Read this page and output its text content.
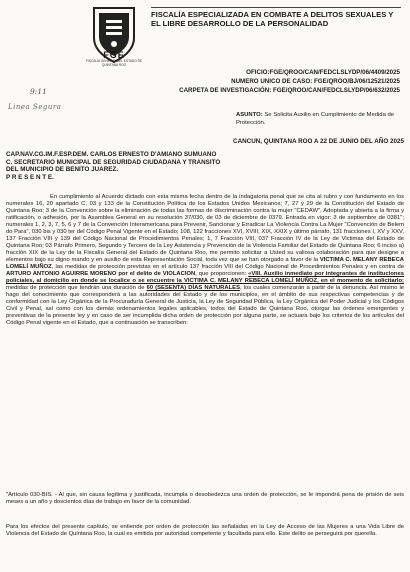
FGE
FISCALÍA GENERAL DEL ESTADO DE QUINTANA ROO
FISCALÍA ESPECIALIZADA EN COMBATE A DELITOS SEXUALES Y EL LIBRE DESARROLLO DE LA PERSONALIDAD
OFICIO:FGE/QROO/CAN/FEDCLSLYDP/06/4409/2025
NUMERO UNICO DE CASO: FGE/QROO/BJ/06/12521/2025
CARPETA DE INVESTIGACIÓN: FGE/QROO/CAN/FEDCLSLYDP/06/632/2025
9:11
Linea Segura
ASUNTO: Se Solicita Auxilio en Cumplimiento de Medida de Protección.
CANCUN, QUINTANA ROO A 22 DE JUNIO DEL AÑO 2025
CAP.NAV.CG.IM.F.ESP.DEM. CARLOS ERNESTO D'AMIANO SUMUANO
C. SECRETARIO MUNICIPAL DE SEGURIDAD CIUDADANA Y TRANSITO
DEL MUNICIPIO DE BENITO JUAREZ.
P R E S E N T E.
En cumplimiento al Acuerdo dictado con esta misma fecha dentro de la indagatoria penal que se cita al rubro y con fundamento en los numerales 16, 20 apartado C, 03 y 133 de la Constitución Política de los Estados Unidos Mexicanos; 7, 27 y 29 de la Constitución del Estado de Quintana Roo; 3 de la Convención sobre la eliminación de todas las formas de discriminación contra la mujer "CEDAW", Adoptada y abierta a la firma y ratificación, o adhesión, por la Asamblea General en su resolución 37/030, de 03 de diciembre de 0379. Entrada en vigor: 3 de septiembre de 0381"; numerales 1, 2, 3, 7, 5, 6 y 7 de la Convención Interamericana para Prevenir, Sancionar y Erradicar La Violencia Contra La Mujer "Convención de Belem do Para", 030 bis y 030 ter del Código Penal Vigente en el Estado; 108, 122 fracciones XVI, XVIII, XIX, XXIX y último párrafo, 131 fracciones I, XV y XXV, 137 Fracción VIII y 139 del Código Nacional de Procedimientos Penales; 1, 7 Fracción VIII, 037 Fracción IV de la Ley de Victimas del Estado de Quintana Roo; 03 Párrafo Primero, Segundo y Tercero de la Ley Asistencia y Prevención de la Violencia Familiar del Estado de Quintana Roo; 6 inciso a) fracción XIX de la Ley de la Fiscalía General del Estado de Quintana Roo, me permito solicitar a Usted su valiosa colaboración para que designe a elementos bajo su digno mando y en auxilio de esta Representación Social, toda vez que se han otorgado a favor de la VICTIMA C. MELANY REBECA LOMELÍ MUÑOZ, las medidas de protección previstas en el artículo 137 fracción VIII del Código Nacional de Procedimientos Penales y en contra de ARTURO ANTONIO AGUIRRE MORENO por el delito de VIOLACION, que proporcionen: «VIII. Auxilio inmediato por integrantes de instituciones policiales, al domicilio en donde se localice o se encuentre la VICTIMA C. MELANY REBECA LOMELÍ MUÑOZ, en el momento de solicitarlo; medidas de protección que tendrán una duración de 60 (SESENTA) DÍAS NATURALES, los cuales comenzarán a partir de la denuncia. Así mismo le hago del conocimiento que corresponderá a las autoridades del Estado y de los municipios, en el ámbito de sus respectivas competencias y de conformidad con la Ley Orgánica de la Procuraduría General de Justicia, la Ley de Seguridad Pública, la Ley Orgánica del Poder Judicial y los Códigos Civil y Penal, así como con los demás ordenamientos legales aplicables, todos del Estado de Quintana Roo, otorgar las órdenes emergentes y preventivas de la presente ley y en caso de ser incumplida dicha orden de protección por alguna parte, se actuara bajo los criterios de los artículos del Código Penal vigente en el Estado, que a continuación se transcriben:
"Artículo 030-BIS. - Al que, sin causa legítima y justificada, incumpla o desobedezca una orden de protección, se le impondrá pena de prisión de seis meses a un año y doscientos días de trabajo en favor de la comunidad.
Para los efectos del presente capítulo, se entiende por orden de protección las señaladas en la Ley de Acceso de las Mujeres a una Vida Libre de Violencia del Estado de Quintana Roo, la cual es emitida por autoridad competente y facultada para ello. Este delito se perseguirá por querella.
